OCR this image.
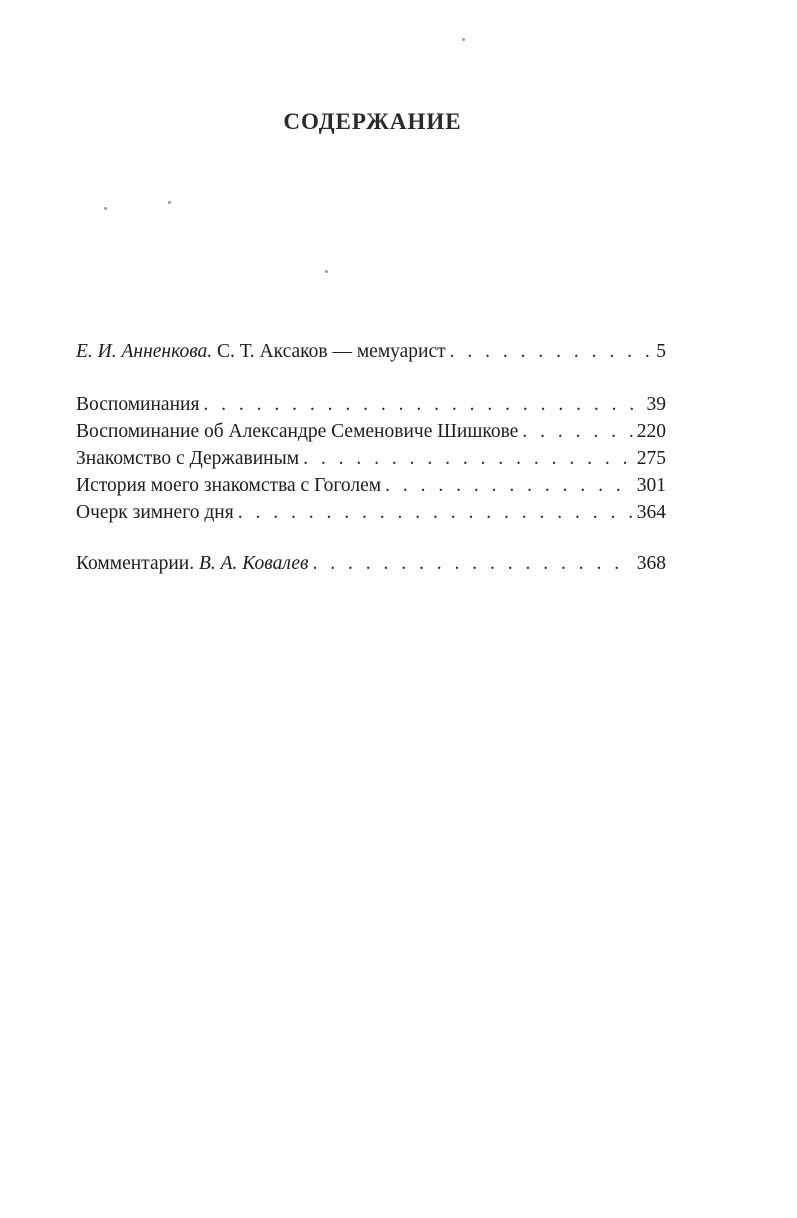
СОДЕРЖАНИЕ
Е. И. Анненкова. С. Т. Аксаков — мемуарист . . .	5
Воспоминания . . .	39
Воспоминание об Александре Семеновиче Шишкове . . .	220
Знакомство с Державиным . . .	275
История моего знакомства с Гоголем . . .	301
Очерк зимнего дня . . .	364
Комментарии. В. А. Ковалев . . .	368
